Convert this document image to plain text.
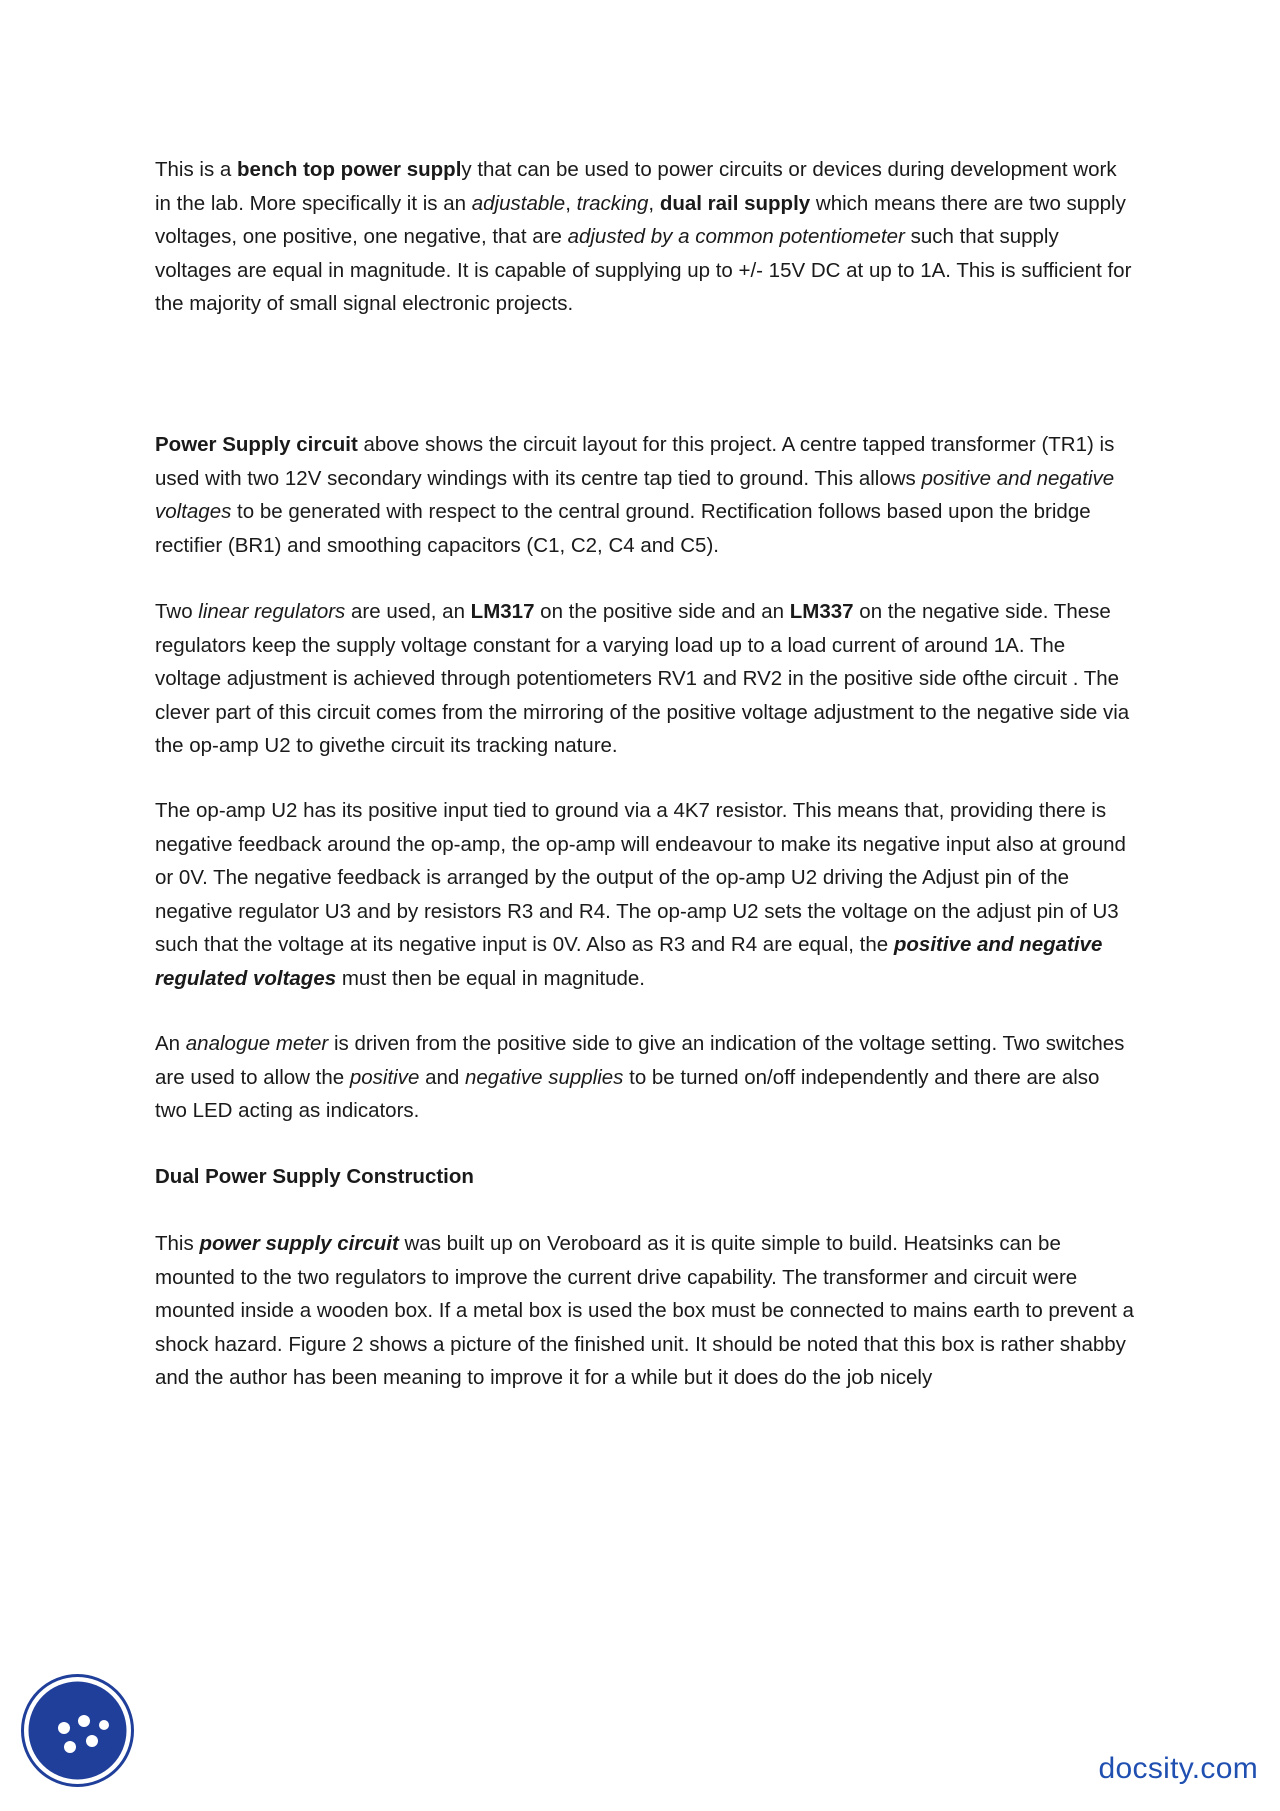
This is a bench top power supply that can be used to power circuits or devices during development work in the lab. More specifically it is an adjustable, tracking, dual rail supply which means there are two supply voltages, one positive, one negative, that are adjusted by a common potentiometer such that supply voltages are equal in magnitude. It is capable of supplying up to +/- 15V DC at up to 1A. This is sufficient for the majority of small signal electronic projects.

Power Supply circuit above shows the circuit layout for this project. A centre tapped transformer (TR1) is used with two 12V secondary windings with its centre tap tied to ground. This allows positive and negative voltages to be generated with respect to the central ground. Rectification follows based upon the bridge rectifier (BR1) and smoothing capacitors (C1, C2, C4 and C5).

Two linear regulators are used, an LM317 on the positive side and an LM337 on the negative side. These regulators keep the supply voltage constant for a varying load up to a load current of around 1A. The voltage adjustment is achieved through potentiometers RV1 and RV2 in the positive side ofthe circuit . The clever part of this circuit comes from the mirroring of the positive voltage adjustment to the negative side via the op-amp U2 to givethe circuit its tracking nature.

The op-amp U2 has its positive input tied to ground via a 4K7 resistor. This means that, providing there is negative feedback around the op-amp, the op-amp will endeavour to make its negative input also at ground or 0V. The negative feedback is arranged by the output of the op-amp U2 driving the Adjust pin of the negative regulator U3 and by resistors R3 and R4. The op-amp U2 sets the voltage on the adjust pin of U3 such that the voltage at its negative input is 0V. Also as R3 and R4 are equal, the positive and negative regulated voltages must then be equal in magnitude.

An analogue meter is driven from the positive side to give an indication of the voltage setting. Two switches are used to allow the positive and negative supplies to be turned on/off independently and there are also two LED acting as indicators.

Dual Power Supply Construction

This power supply circuit was built up on Veroboard as it is quite simple to build. Heatsinks can be mounted to the two regulators to improve the current drive capability. The transformer and circuit were mounted inside a wooden box. If a metal box is used the box must be connected to mains earth to prevent a shock hazard. Figure 2 shows a picture of the finished unit. It should be noted that this box is rather shabby and the author has been meaning to improve it for a while but it does do the job nicely

docsity.com
